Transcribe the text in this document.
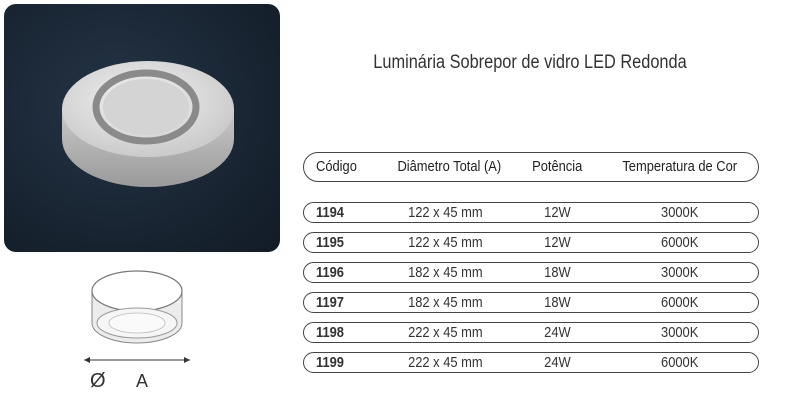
Ø A
Luminária Sobrepor de vidro LED Redonda
Código	Diâmetro Total (A)	Potência	Temperatura de Cor
1194	122 x 45 mm	12W	3000K
1195	122 x 45 mm	12W	6000K
1196	182 x 45 mm	18W	3000K
1197	182 x 45 mm	18W	6000K
1198	222 x 45 mm	24W	3000K
1199	222 x 45 mm	24W	6000K
